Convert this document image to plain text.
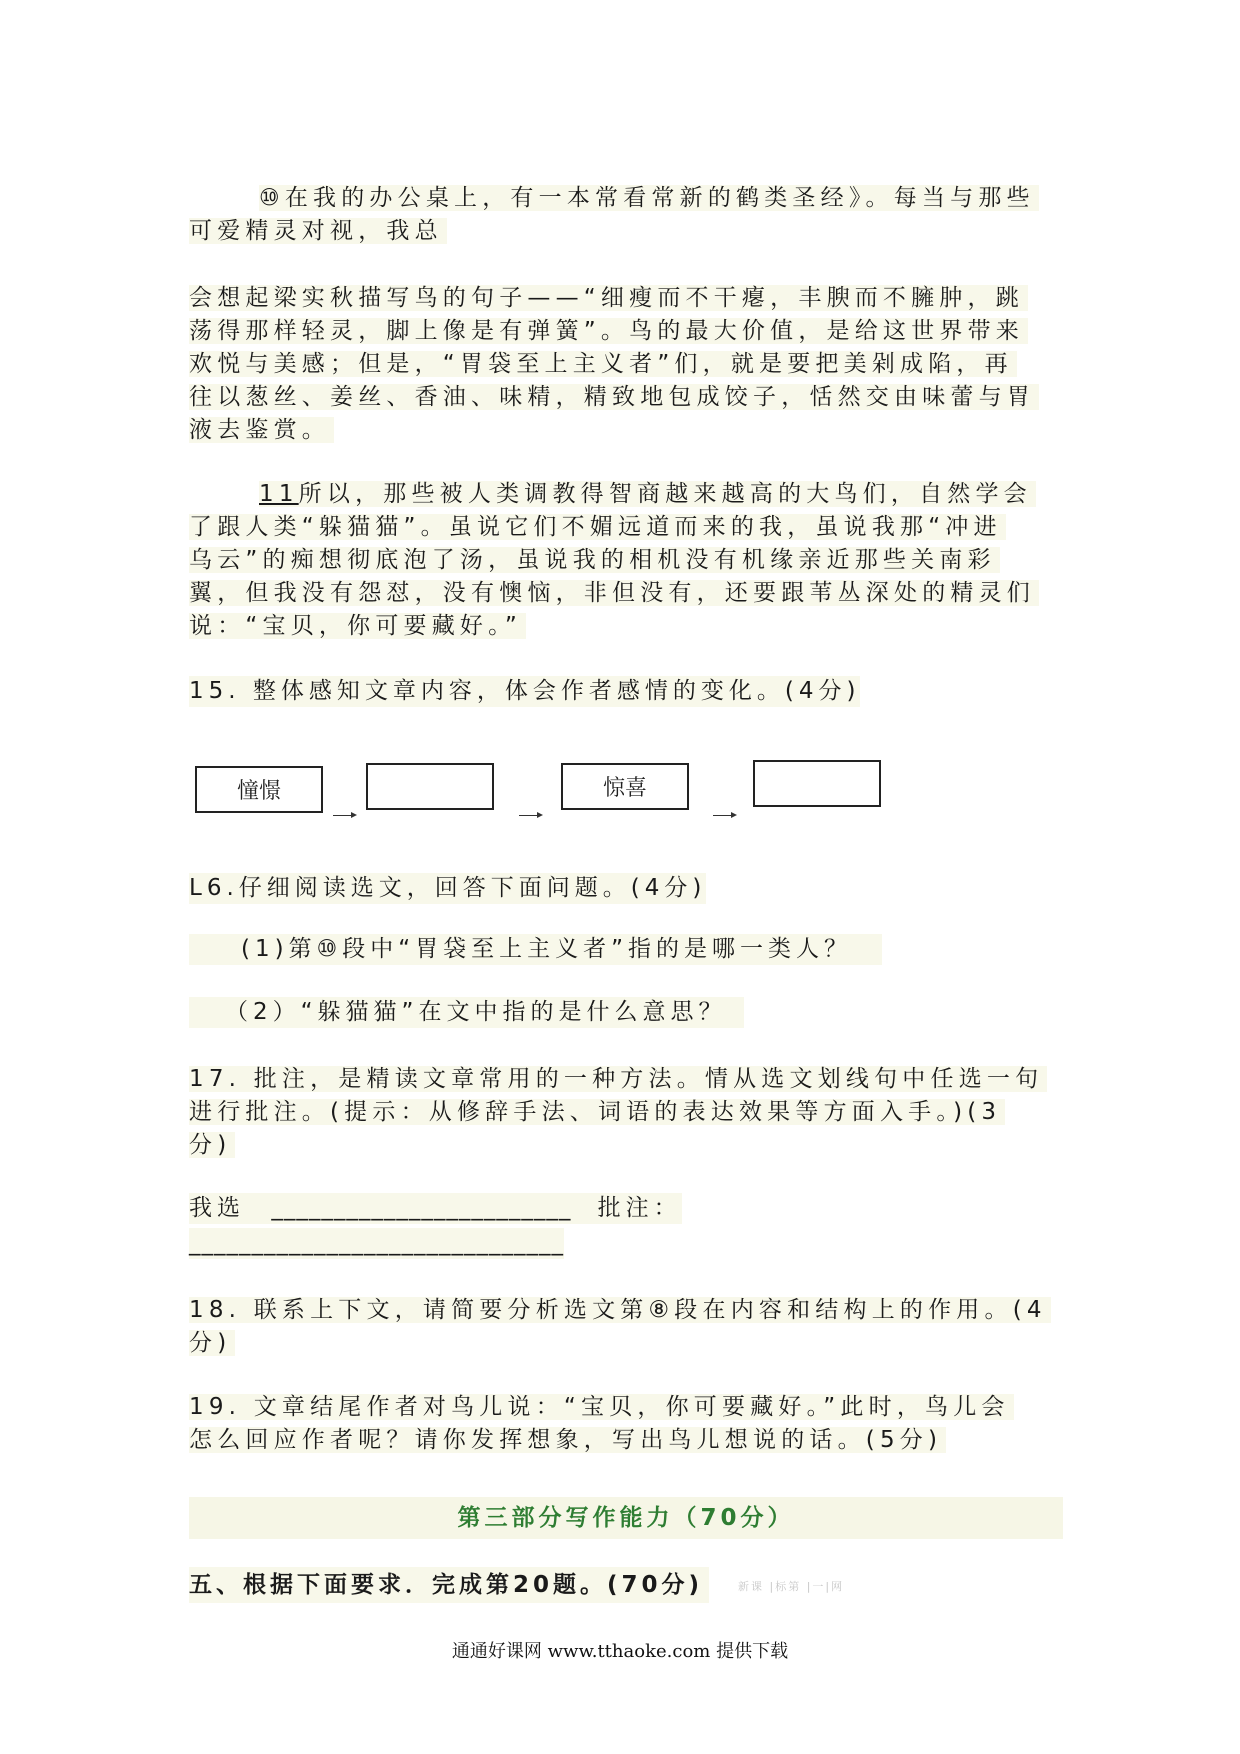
⑩在我的办公桌上，有一本常看常新的鹤类圣经》。每当与那些
可爱精灵对视，我总
会想起梁实秋描写鸟的句子——“细瘦而不干瘪，丰腴而不臃肿，跳
荡得那样轻灵，脚上像是有弹簧”。鸟的最大价值，是给这世界带来
欢悦与美感；但是，“胃袋至上主义者”们，就是要把美剁成陷，再
往以葱丝、姜丝、香油、味精，精致地包成饺子，恬然交由味蕾与胃
液去鉴赏。
11所以，那些被人类调教得智商越来越高的大鸟们，自然学会
了跟人类“躲猫猫”。虽说它们不媚远道而来的我，虽说我那“冲进
乌云”的痴想彻底泡了汤，虽说我的相机没有机缘亲近那些关南彩
翼，但我没有怨怼，没有懊恼，非但没有，还要跟苇丛深处的精灵们
说：“宝贝，你可要藏好。”
15. 整体感知文章内容，体会作者感情的变化。(4分)
憧憬	惊喜
L6.仔细阅读选文，回答下面问题。(4分)
(1)第⑩段中“胃袋至上主义者”指的是哪一类人？
（2）“躲猫猫”在文中指的是什么意思？
17. 批注，是精读文章常用的一种方法。情从选文划线句中任选一句
进行批注。(提示：从修辞手法、词语的表达效果等方面入手。)(3
分)
我选 ________________________ 批注：
______________________________
18. 联系上下文，请简要分析选文第⑧段在内容和结构上的作用。(4
分)
19. 文章结尾作者对鸟儿说：“宝贝，你可要藏好。”此时，鸟儿会
怎么回应作者呢？请你发挥想象，写出鸟儿想说的话。(5分)
第三部分写作能力（70分）
五、根据下面要求．完成第20题。(70分)	新课 |标第 |一|网
通通好课网 www.tthaoke.com 提供下载
